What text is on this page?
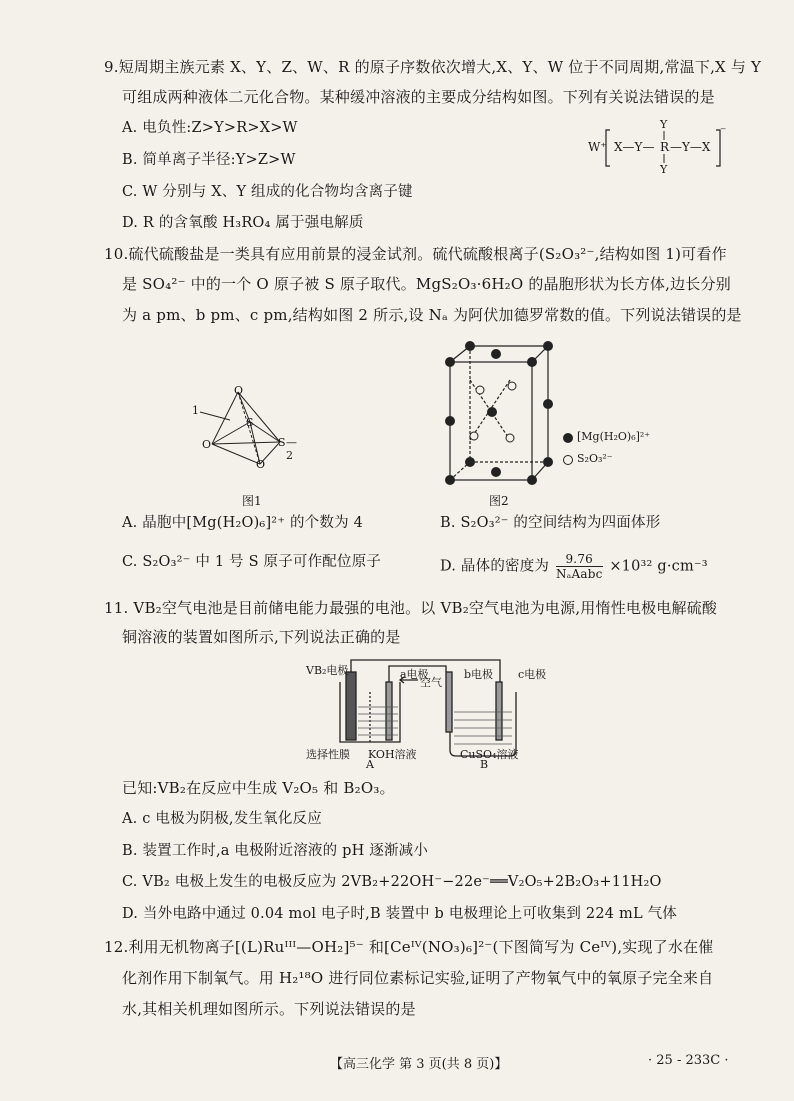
9.短周期主族元素 X、Y、Z、W、R 的原子序数依次增大,X、Y、W 位于不同周期,常温下,X 与 Y
可组成两种液体二元化合物。某种缓冲溶液的主要成分结构如图。下列有关说法错误的是
A. 电负性:Z>Y>R>X>W
B. 简单离子半径:Y>Z>W
C. W 分别与 X、Y 组成的化合物均含离子键
D. R 的含氧酸 H₃RO₄ 属于强电解质
W⁺ X—Y— R —Y—X
Y
Y
⁻
10.硫代硫酸盐是一类具有应用前景的浸金试剂。硫代硫酸根离子(S₂O₃²⁻,结构如图 1)可看作
是 SO₄²⁻ 中的一个 O 原子被 S 原子取代。MgS₂O₃·6H₂O 的晶胞形状为长方体,边长分别
为 a pm、b pm、c pm,结构如图 2 所示,设 Nₐ 为阿伏加德罗常数的值。下列说法错误的是
O
O
O
S
S
1
—2
图1
[Mg(H₂O)₆]²⁺
S₂O₃²⁻
图2
A. 晶胞中[Mg(H₂O)₆]²⁺ 的个数为 4	B. S₂O₃²⁻ 的空间结构为四面体形
C. S₂O₃²⁻ 中 1 号 S 原子可作配位原子	D. 晶体的密度为	9.76
NₐAabc ×10³² g·cm⁻³
11. VB₂空气电池是目前储电能力最强的电池。以 VB₂空气电池为电源,用惰性电极电解硫酸
铜溶液的装置如图所示,下列说法正确的是
VB₂电极	a电极
空气
b电极 c电极
选择性膜 KOH溶液	CuSO₄溶液
A	B
已知:VB₂在反应中生成 V₂O₅ 和 B₂O₃。
A. c 电极为阴极,发生氧化反应
B. 装置工作时,a 电极附近溶液的 pH 逐渐减小
C. VB₂ 电极上发生的电极反应为 2VB₂+22OH⁻−22e⁻══V₂O₅+2B₂O₃+11H₂O
D. 当外电路中通过 0.04 mol 电子时,B 装置中 b 电极理论上可收集到 224 mL 气体
12.利用无机物离子[(L)Ruᴵᴵᴵ—OH₂]⁵⁻ 和[Ceᴵⱽ(NO₃)₆]²⁻(下图简写为 Ceᴵⱽ),实现了水在催
化剂作用下制氧气。用 H₂¹⁸O 进行同位素标记实验,证明了产物氧气中的氧原子完全来自
水,其相关机理如图所示。下列说法错误的是
【高三化学 第 3 页(共 8 页)】	· 25 - 233C ·
